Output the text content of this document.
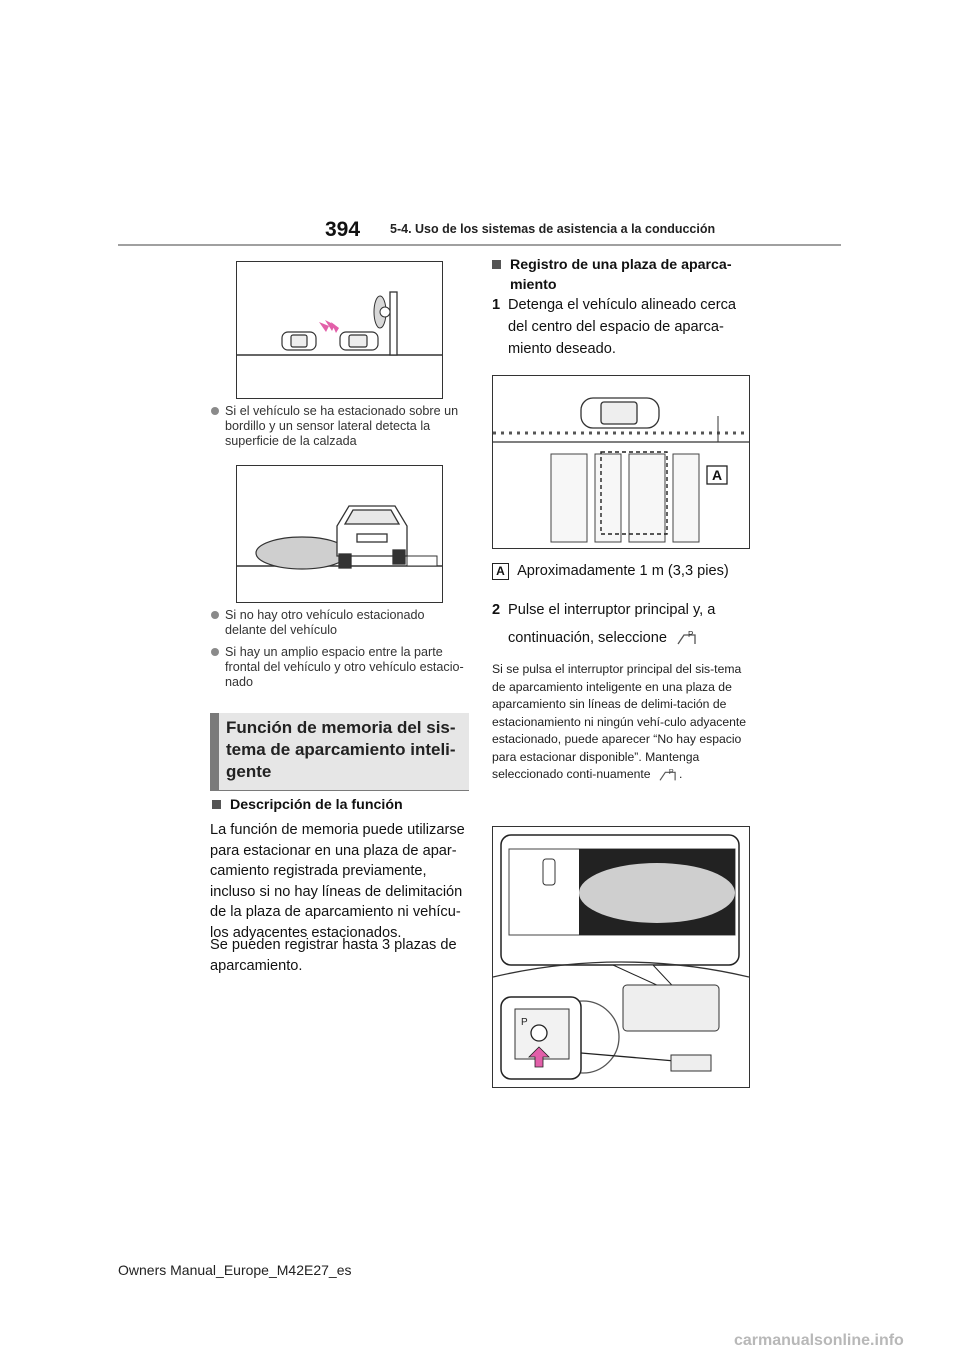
394 5-4. Uso de los sistemas de asistencia a la conducción
Si el vehículo se ha estacionado sobre un bordillo y un sensor lateral detecta la superficie de la calzada
Si no hay otro vehículo estacionado delante del vehículo
Si hay un amplio espacio entre la parte frontal del vehículo y otro vehículo estacio-nado
Función de memoria del sis-tema de aparcamiento inteli-gente
Descripción de la función
La función de memoria puede utilizarse para estacionar en una plaza de apar-camiento registrada previamente, incluso si no hay líneas de delimitación de la plaza de aparcamiento ni vehícu-los adyacentes estacionados.
Se pueden registrar hasta 3 plazas de aparcamiento.
Registro de una plaza de aparca-miento
1 Detenga el vehículo alineado cerca del centro del espacio de aparca-miento deseado.
A
A Aproximadamente 1 m (3,3 pies)
2 Pulse el interruptor principal y, a continuación, seleccione	P
Si se pulsa el interruptor principal del sis-tema de aparcamiento inteligente en una plaza de aparcamiento sin líneas de delimi-tación de estacionamiento ni ningún vehí-culo adyacente estacionado, puede aparecer “No hay espacio para estacionar disponible”. Mantenga seleccionado conti-nuamente P .
P
Owners Manual_Europe_M42E27_es
carmanualsonline.info
